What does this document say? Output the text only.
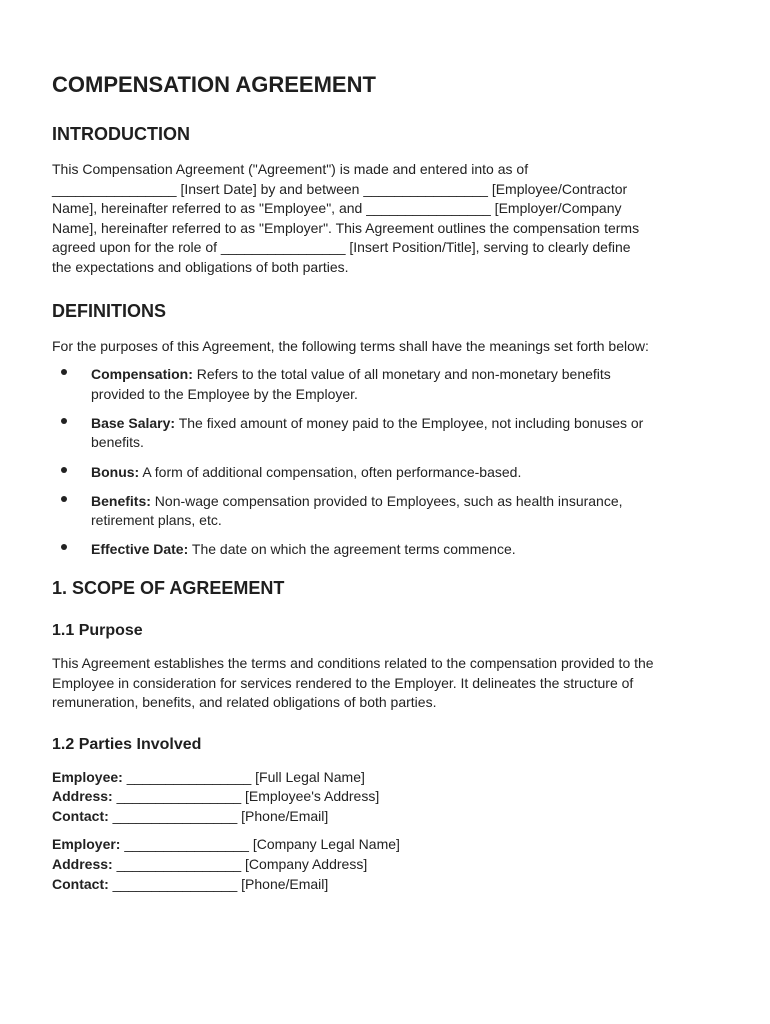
COMPENSATION AGREEMENT
INTRODUCTION

This Compensation Agreement ("Agreement") is made and entered into as of
________________ [Insert Date] by and between ________________ [Employee/Contractor
Name], hereinafter referred to as "Employee", and ________________ [Employer/Company
Name], hereinafter referred to as "Employer". This Agreement outlines the compensation terms
agreed upon for the role of ________________ [Insert Position/Title], serving to clearly define
the expectations and obligations of both parties.

DEFINITIONS

For the purposes of this Agreement, the following terms shall have the meanings set forth below:

Compensation: Refers to the total value of all monetary and non-monetary benefits
provided to the Employee by the Employer.
Base Salary: The fixed amount of money paid to the Employee, not including bonuses or
benefits.
Bonus: A form of additional compensation, often performance-based.
Benefits: Non-wage compensation provided to Employees, such as health insurance,
retirement plans, etc.
Effective Date: The date on which the agreement terms commence.
1. SCOPE OF AGREEMENT
1.1 Purpose

This Agreement establishes the terms and conditions related to the compensation provided to the
Employee in consideration for services rendered to the Employer. It delineates the structure of
remuneration, benefits, and related obligations of both parties.

1.2 Parties Involved

Employee: ________________ [Full Legal Name]

Address: ________________ [Employee's Address]

Contact: ________________ [Phone/Email]

Employer: ________________ [Company Legal Name]

Address: ________________ [Company Address]

Contact: ________________ [Phone/Email]
